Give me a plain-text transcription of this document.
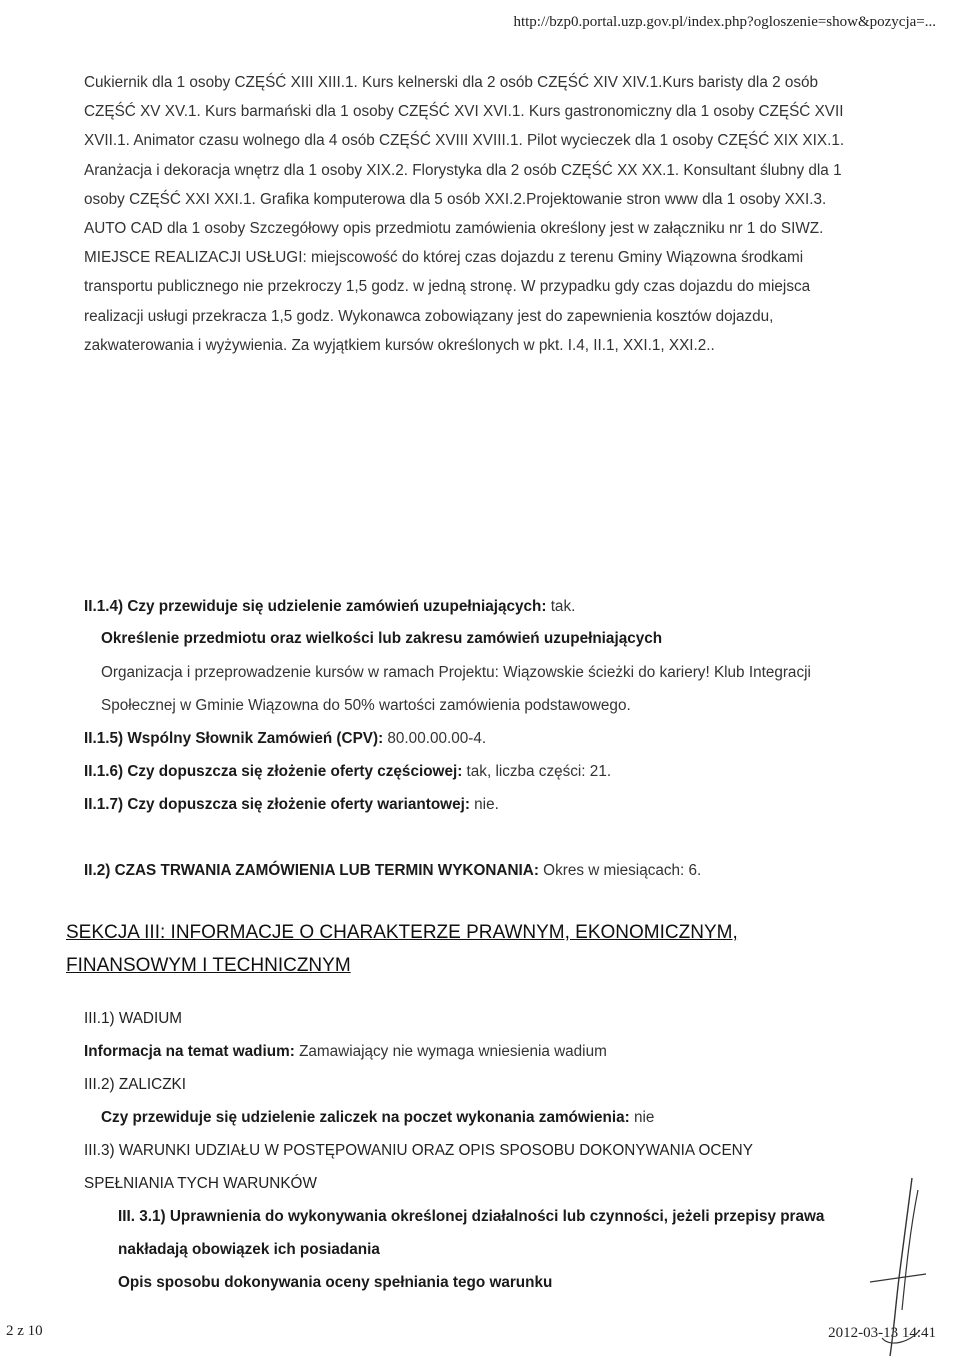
http://bzp0.portal.uzp.gov.pl/index.php?ogloszenie=show&pozycja=...

Cukiernik dla 1 osoby CZĘŚĆ XIII XIII.1. Kurs kelnerski dla 2 osób CZĘŚĆ XIV XIV.1.Kurs baristy dla 2 osób CZĘŚĆ XV XV.1. Kurs barmański dla 1 osoby CZĘŚĆ XVI XVI.1. Kurs gastronomiczny dla 1 osoby CZĘŚĆ XVII XVII.1. Animator czasu wolnego dla 4 osób CZĘŚĆ XVIII XVIII.1. Pilot wycieczek dla 1 osoby CZĘŚĆ XIX XIX.1. Aranżacja i dekoracja wnętrz dla 1 osoby XIX.2. Florystyka dla 2 osób CZĘŚĆ XX XX.1. Konsultant ślubny dla 1 osoby CZĘŚĆ XXI XXI.1. Grafika komputerowa dla 5 osób XXI.2.Projektowanie stron www dla 1 osoby XXI.3. AUTO CAD dla 1 osoby Szczegółowy opis przedmiotu zamówienia określony jest w załączniku nr 1 do SIWZ. MIEJSCE REALIZACJI USŁUGI: miejscowość do której czas dojazdu z terenu Gminy Wiązowna środkami transportu publicznego nie przekroczy 1,5 godz. w jedną stronę. W przypadku gdy czas dojazdu do miejsca realizacji usługi przekracza 1,5 godz. Wykonawca zobowiązany jest do zapewnienia kosztów dojazdu, zakwaterowania i wyżywienia. Za wyjątkiem kursów określonych w pkt. I.4, II.1, XXI.1, XXI.2..

II.1.4) Czy przewiduje się udzielenie zamówień uzupełniających: tak.
Określenie przedmiotu oraz wielkości lub zakresu zamówień uzupełniających
Organizacja i przeprowadzenie kursów w ramach Projektu: Wiązowskie ścieżki do kariery! Klub Integracji
Społecznej w Gminie Wiązowna do 50% wartości zamówienia podstawowego.
II.1.5) Wspólny Słownik Zamówień (CPV): 80.00.00.00-4.
II.1.6) Czy dopuszcza się złożenie oferty częściowej: tak, liczba części: 21.
II.1.7) Czy dopuszcza się złożenie oferty wariantowej: nie.
II.2) CZAS TRWANIA ZAMÓWIENIA LUB TERMIN WYKONANIA: Okres w miesiącach: 6.
SEKCJA III: INFORMACJE O CHARAKTERZE PRAWNYM, EKONOMICZNYM,
FINANSOWYM I TECHNICZNYM
III.1) WADIUM
Informacja na temat wadium: Zamawiający nie wymaga wniesienia wadium
III.2) ZALICZKI
Czy przewiduje się udzielenie zaliczek na poczet wykonania zamówienia: nie
III.3) WARUNKI UDZIAŁU W POSTĘPOWANIU ORAZ OPIS SPOSOBU DOKONYWANIA OCENY
SPEŁNIANIA TYCH WARUNKÓW
III. 3.1) Uprawnienia do wykonywania określonej działalności lub czynności, jeżeli przepisy prawa
nakładają obowiązek ich posiadania
Opis sposobu dokonywania oceny spełniania tego warunku
2 z 10	2012-03-13 14:41
